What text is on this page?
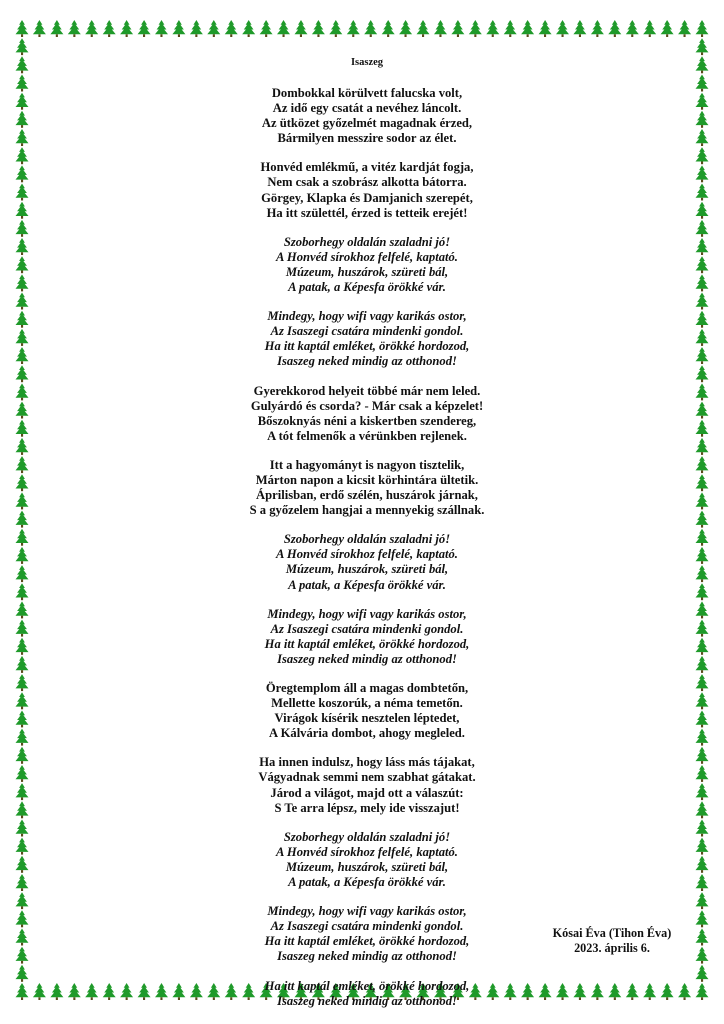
Isaszeg
Dombokkal körülvett falucska volt,
Az idő egy csatát a nevéhez láncolt.
Az ütközet győzelmét magadnak érzed,
Bármilyen messzire sodor az élet.
Honvéd emlékmű, a vitéz kardját fogja,
Nem csak a szobrász alkotta bátorra.
Görgey, Klapka és Damjanich szerepét,
Ha itt születtél, érzed is tetteik erejét!
Szoborhegy oldalán szaladni jó!
A Honvéd sírokhoz felfelé, kaptató.
Múzeum, huszárok, szüreti bál,
A patak, a Képesfa örökké vár.
Mindegy, hogy wifi vagy karikás ostor,
Az Isaszegi csatára mindenki gondol.
Ha itt kaptál emléket, örökké hordozod,
Isaszeg neked mindig az otthonod!
Gyerekkorod helyeit többé már nem leled.
Gulyárdó és csorda? - Már csak a képzelet!
Bőszoknyás néni a kiskertben szendereg,
A tót felmenők a vérünkben rejlenek.
Itt a hagyományt is nagyon tisztelik,
Márton napon a kicsit körhintára ültetik.
Áprilisban, erdő szélén, huszárok járnak,
S a győzelem hangjai a mennyekig szállnak.
Szoborhegy oldalán szaladni jó!
A Honvéd sírokhoz felfelé, kaptató.
Múzeum, huszárok, szüreti bál,
A patak, a Képesfa örökké vár.
Mindegy, hogy wifi vagy karikás ostor,
Az Isaszegi csatára mindenki gondol.
Ha itt kaptál emléket, örökké hordozod,
Isaszeg neked mindig az otthonod!
Öregtemplom áll a magas dombtetőn,
Mellette koszorúk, a néma temetőn.
Virágok kísérik nesztelen léptedet,
A Kálvária dombot, ahogy megleled.
Ha innen indulsz, hogy láss más tájakat,
Vágyadnak semmi nem szabhat gátakat.
Járod a világot, majd ott a válaszút:
S Te arra lépsz, mely ide visszajut!
Szoborhegy oldalán szaladni jó!
A Honvéd sírokhoz felfelé, kaptató.
Múzeum, huszárok, szüreti bál,
A patak, a Képesfa örökké vár.
Mindegy, hogy wifi vagy karikás ostor,
Az Isaszegi csatára mindenki gondol.
Ha itt kaptál emléket, örökké hordozod,
Isaszeg neked mindig az otthonod!
Ha itt kaptál emléket, örökké hordozod,
Isaszeg neked mindig az otthonod!
Kósai Éva (Tihon Éva)
2023. április 6.
